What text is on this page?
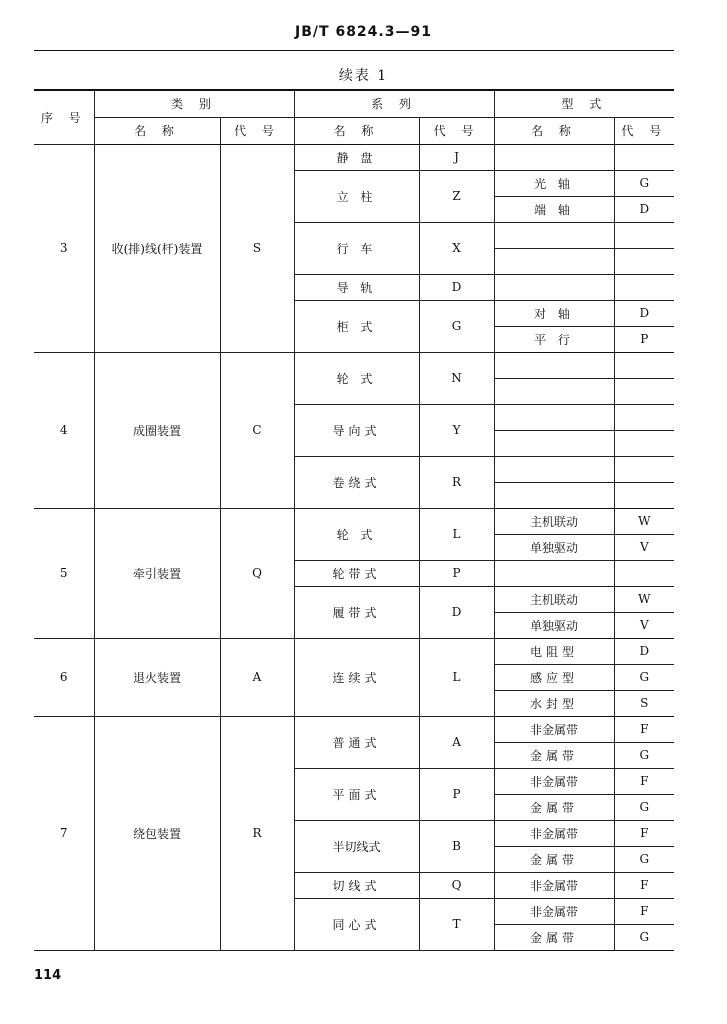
JB/T 6824.3—91
续表 1
序 号	类 别		系 列		型 式	
	名 称	代 号	名 称	代 号	名 称	代 号
3	收(排)线(杆)装置	S	静 盘	J		
			立 柱	Z	光 轴	G
					端 轴	D
			行 车	X		

			导 轨	D		
			柜 式	G	对 轴	D
					平 行	P
4	成圈装置	C	轮 式	N		

			导向式	Y		

			卷绕式	R		

5	牵引装置	Q	轮 式	L	主机联动	W
					单独驱动	V
			轮带式	P		
			履带式	D	主机联动	W
					单独驱动	V
6	退火装置	A	连续式	L	电阻型	D
					感应型	G
					水封型	S
7	绕包装置	R	普通式	A	非金属带	F
					金属带	G
			平面式	P	非金属带	F
					金属带	G
			半切线式	B	非金属带	F
					金属带	G
			切线式	Q	非金属带	F
			同心式	T	非金属带	F
					金属带	G
114
